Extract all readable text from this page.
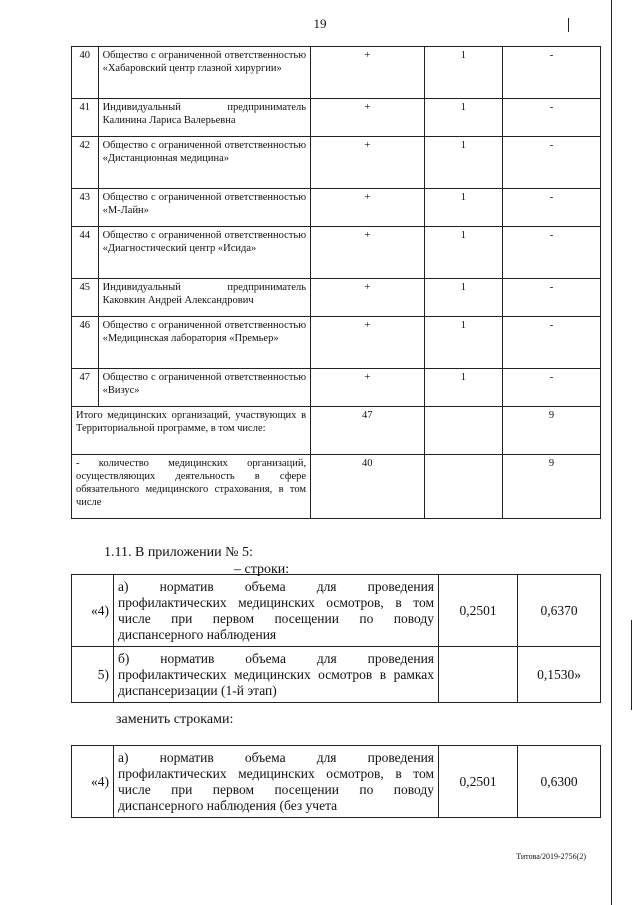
19
40	Общество с ограниченной ответственностью «Хабаровский центр глазной хирургии»	+	1	-
41	Индивидуальный предприниматель Калинина Лариса Валерьевна	+	1	-
42	Общество с ограниченной ответственностью «Дистанционная медицина»	+	1	-
43	Общество с ограниченной ответственностью «М-Лайн»	+	1	-
44	Общество с ограниченной ответственностью «Диагностический центр «Исида»	+	1	-
45	Индивидуальный предприниматель Каковкин Андрей Александрович	+	1	-
46	Общество с ограниченной ответственностью «Медицинская лаборатория «Премьер»	+	1	-
47	Общество с ограниченной ответственностью «Визус»	+	1	-
Итого медицинских организаций, участвующих в Территориальной программе, в том числе:		47		9
- количество медицинских организаций, осуществляющих деятельность в сфере обязательного медицинского страхования, в том числе		40		9
1.11. В приложении № 5:
– строки:
«4)	а) норматив объема для проведения профилактических медицинских осмотров, в том числе при первом посещении по поводу диспансерного наблюдения	0,2501	0,6370
5)	б) норматив объема для проведения профилактических медицинских осмотров в рамках диспансеризации (1-й этап)		0,1530»
заменить строками:
«4)	а) норматив объема для проведения профилактических медицинских осмотров, в том числе при первом посещении по поводу диспансерного наблюдения (без учета	0,2501	0,6300
Титова/2019-2756(2)
